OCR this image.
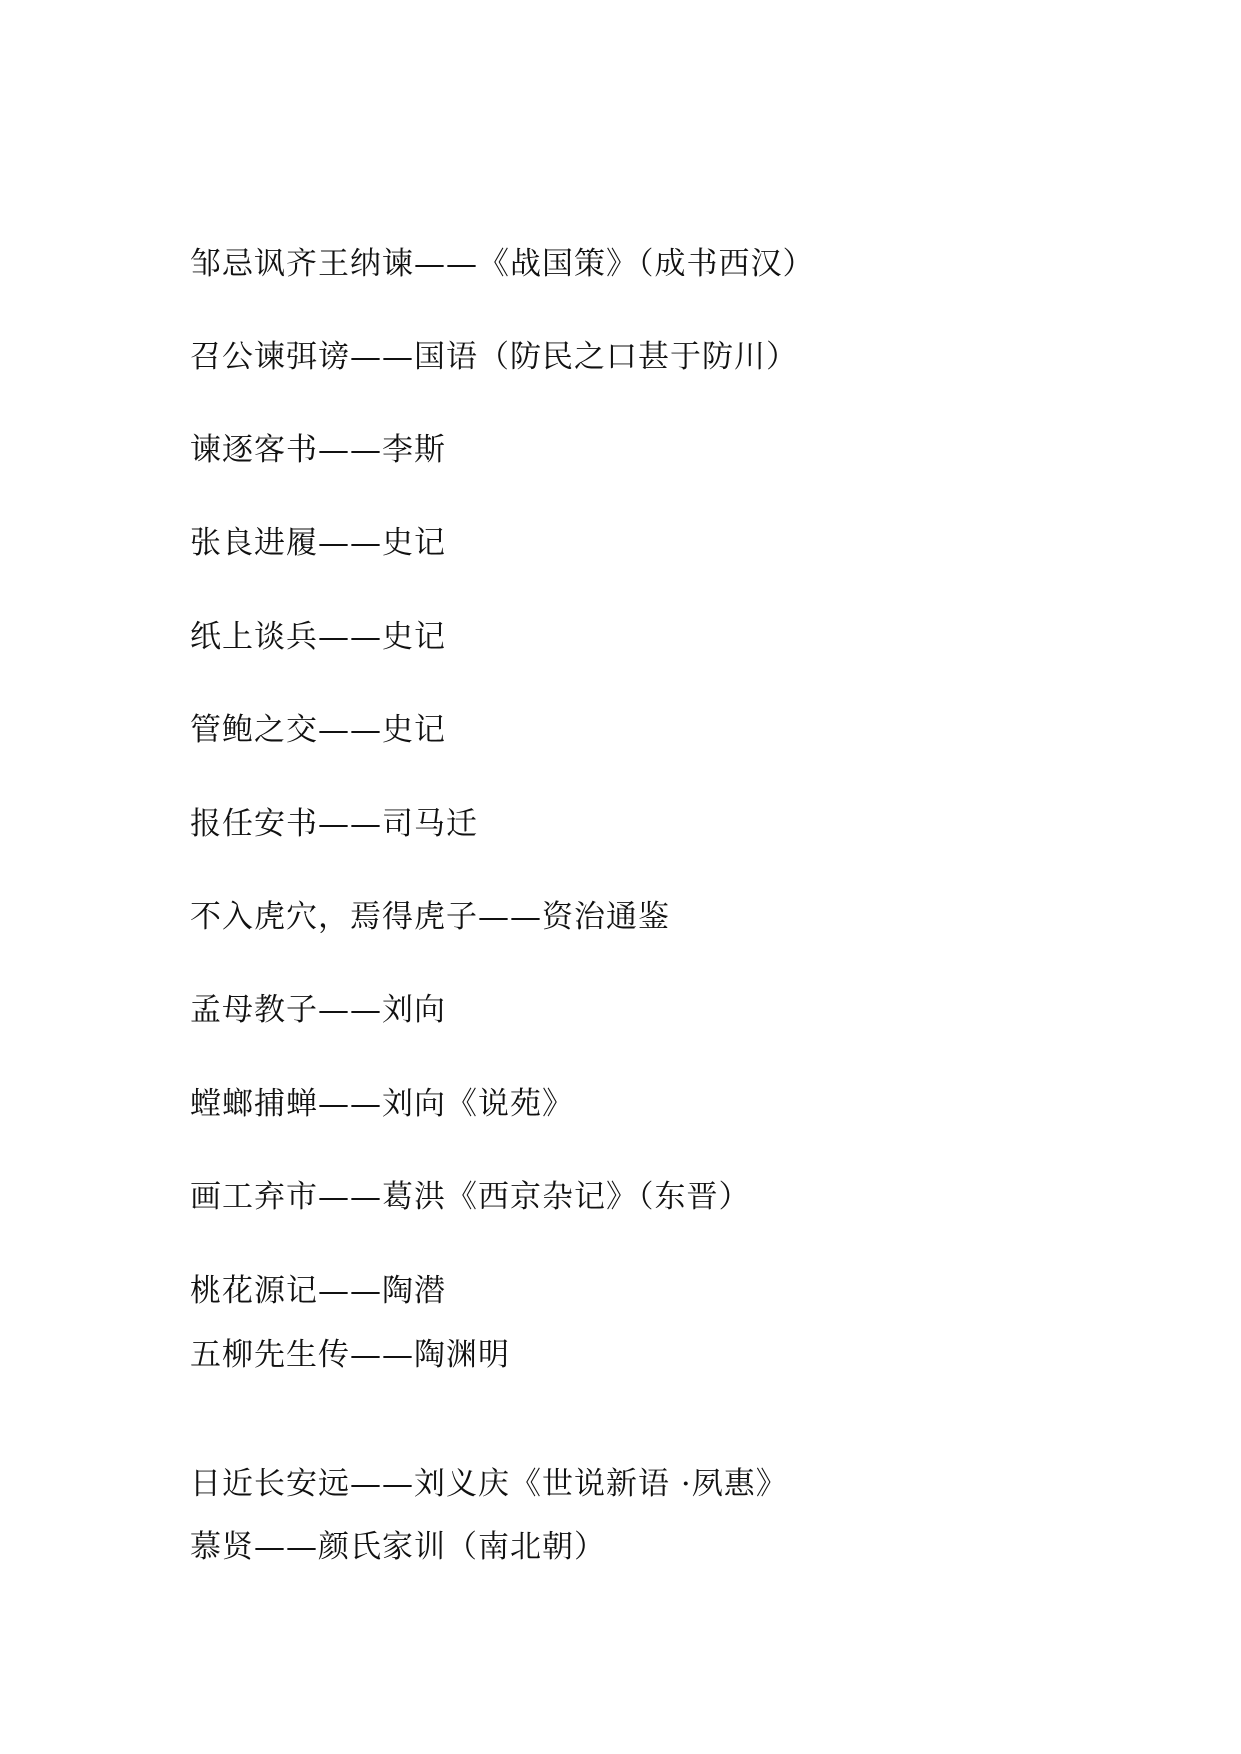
邹忌讽齐王纳谏——《战国策》（成书西汉）
召公谏弭谤——国语（防民之口甚于防川）
谏逐客书——李斯
张良进履——史记
纸上谈兵——史记
管鲍之交——史记
报任安书——司马迁
不入虎穴，焉得虎子——资治通鉴
孟母教子——刘向
螳螂捕蝉——刘向《说苑》
画工弃市——葛洪《西京杂记》（东晋）
桃花源记——陶潜
五柳先生传——陶渊明
日近长安远——刘义庆《世说新语 ·夙惠》
慕贤——颜氏家训（南北朝）
